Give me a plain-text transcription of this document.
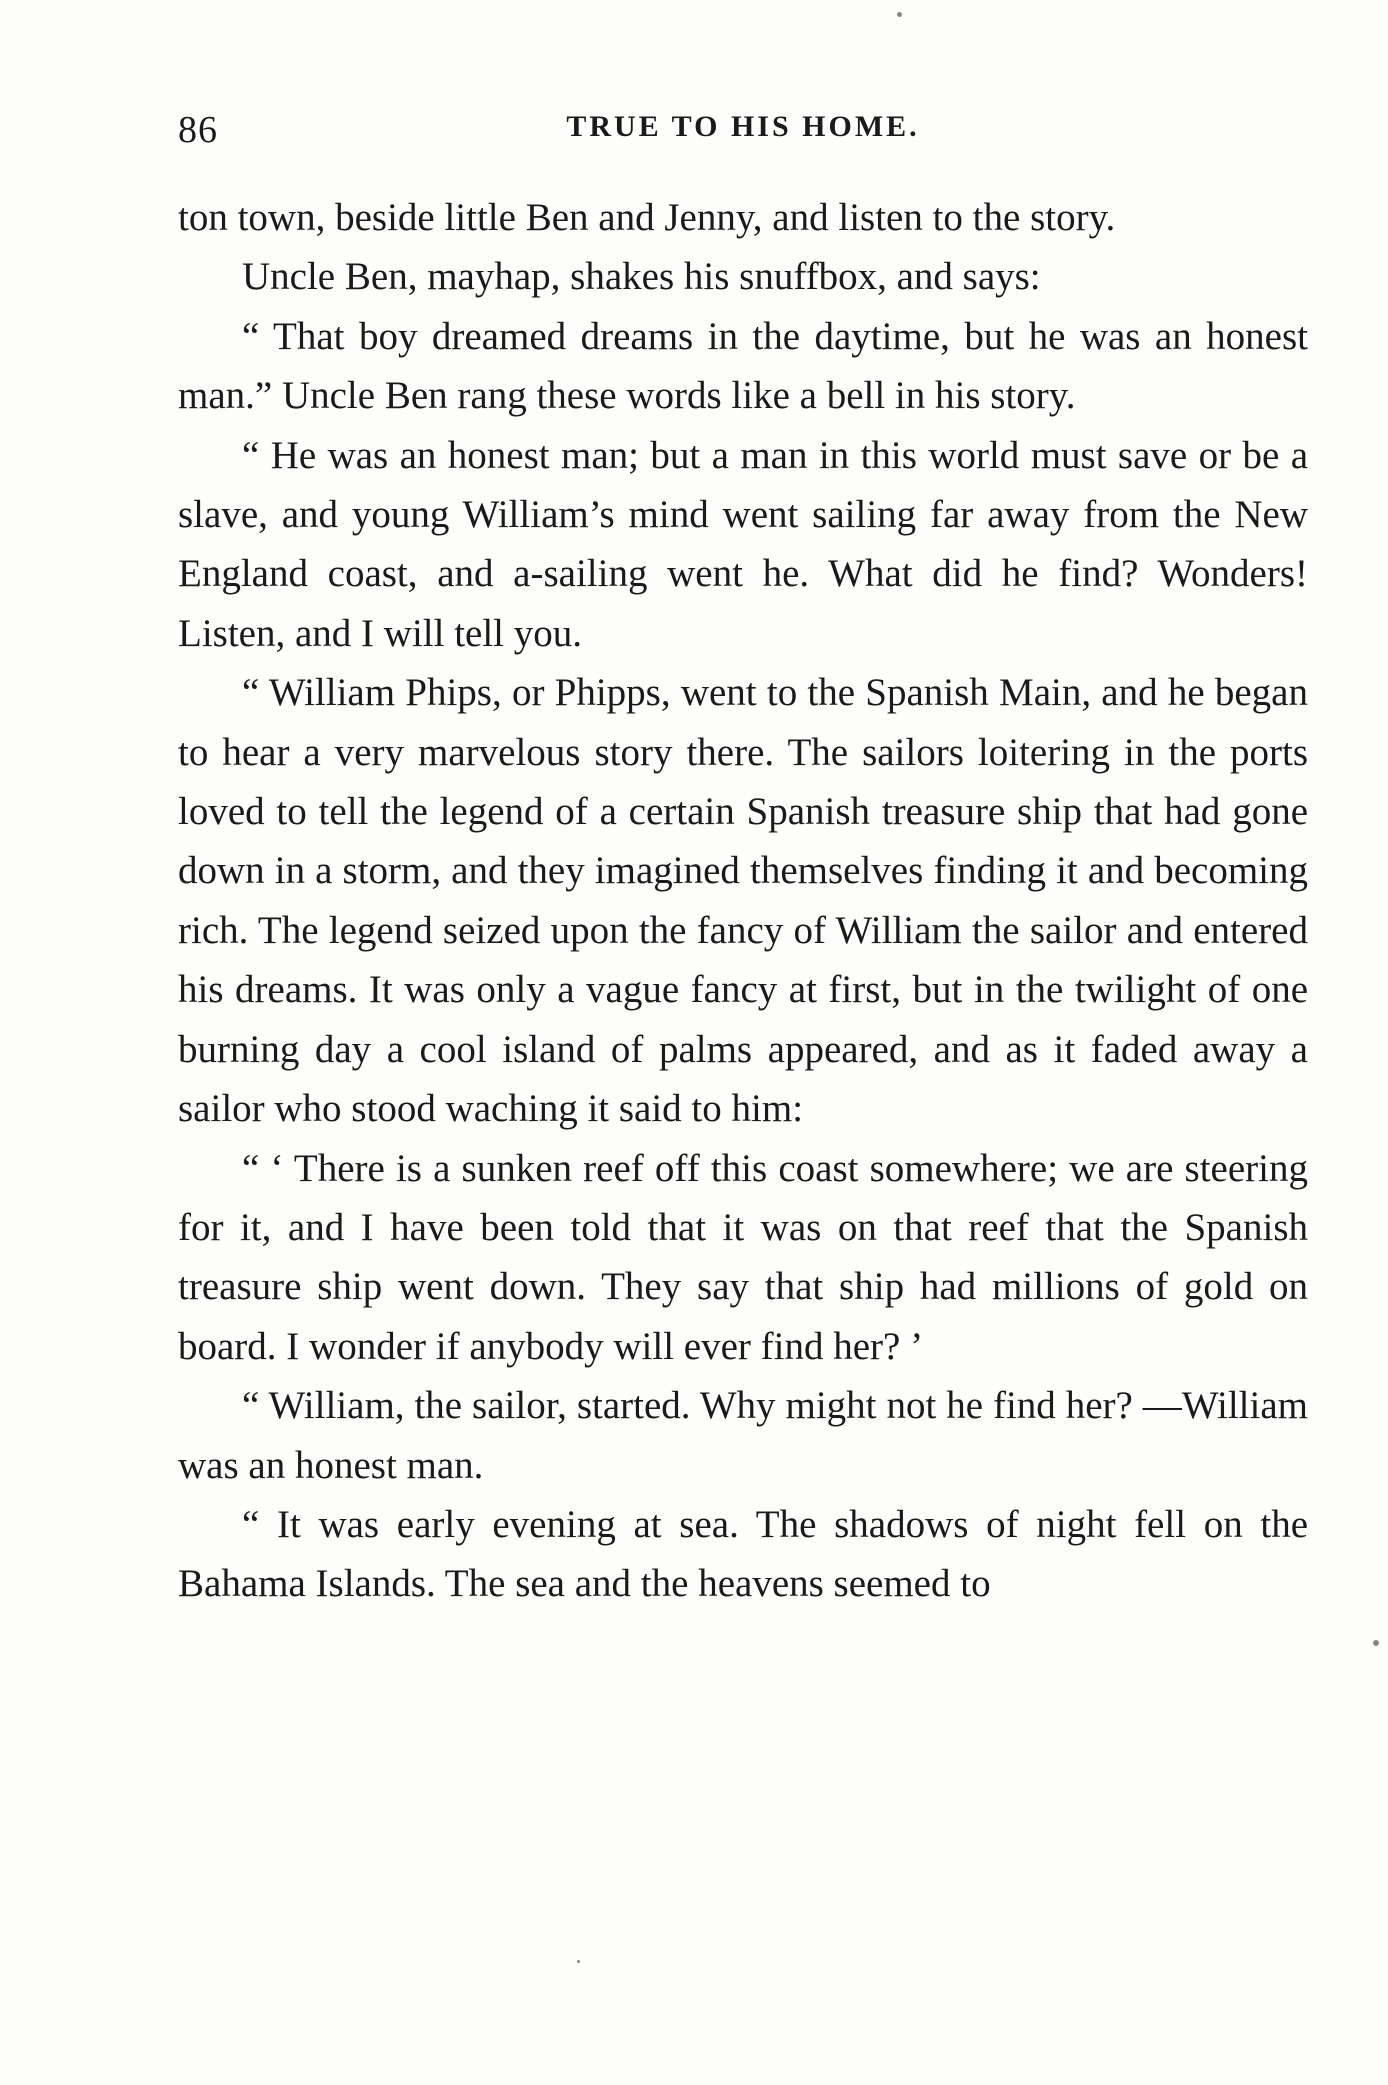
86	TRUE TO HIS HOME.

ton town, beside little Ben and Jenny, and listen to the story.

Uncle Ben, mayhap, shakes his snuffbox, and says:

“ That boy dreamed dreams in the daytime, but he was an honest man.” Uncle Ben rang these words like a bell in his story.

“ He was an honest man; but a man in this world must save or be a slave, and young William’s mind went sailing far away from the New England coast, and a-sailing went he. What did he find? Wonders! Listen, and I will tell you.

“ William Phips, or Phipps, went to the Spanish Main, and he began to hear a very marvelous story there. The sailors loitering in the ports loved to tell the legend of a certain Spanish treasure ship that had gone down in a storm, and they imagined themselves finding it and becoming rich. The legend seized upon the fancy of William the sailor and entered his dreams. It was only a vague fancy at first, but in the twilight of one burning day a cool island of palms appeared, and as it faded away a sailor who stood waching it said to him:

“ ‘ There is a sunken reef off this coast somewhere; we are steering for it, and I have been told that it was on that reef that the Spanish treasure ship went down. They say that ship had millions of gold on board. I wonder if anybody will ever find her? ’

“ William, the sailor, started. Why might not he find her? —William was an honest man.

“ It was early evening at sea. The shadows of night fell on the Bahama Islands. The sea and the heavens seemed to
